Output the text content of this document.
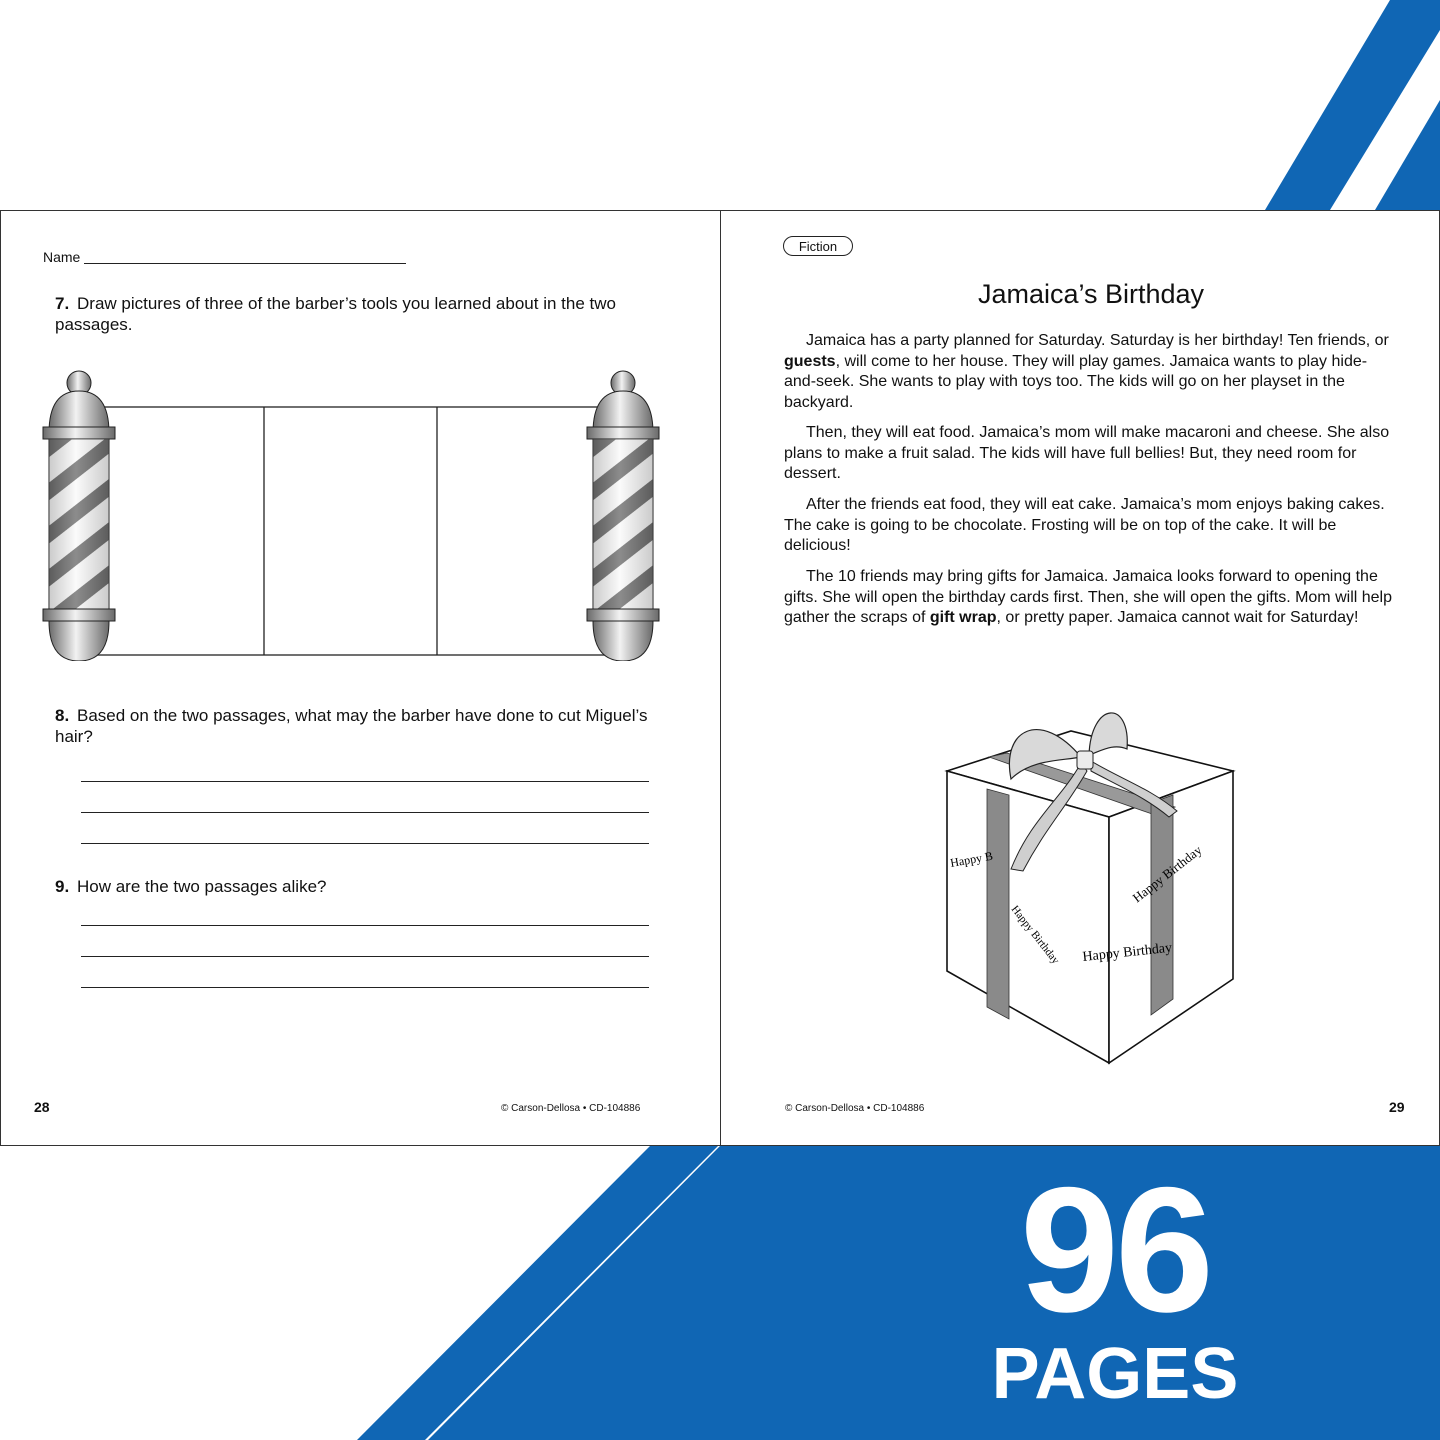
Name
7. Draw pictures of three of the barber’s tools you learned about in the two passages.
8. Based on the two passages, what may the barber have done to cut Miguel’s hair?
9. How are the two passages alike?
28	© Carson-Dellosa • CD-104886
Fiction
Jamaica’s Birthday

Jamaica has a party planned for Saturday. Saturday is her birthday! Ten friends, or guests, will come to her house. They will play games. Jamaica wants to play hide-and-seek. She wants to play with toys too. The kids will go on her playset in the backyard.

Then, they will eat food. Jamaica’s mom will make macaroni and cheese. She also plans to make a fruit salad. The kids will have full bellies! But, they need room for dessert.

After the friends eat food, they will eat cake. Jamaica’s mom enjoys baking cakes. The cake is going to be chocolate. Frosting will be on top of the cake. It will be delicious!

The 10 friends may bring gifts for Jamaica. Jamaica looks forward to opening the gifts. She will open the birthday cards first. Then, she will open the gifts. Mom will help gather the scraps of gift wrap, or pretty paper. Jamaica cannot wait for Saturday!

Happy B	Happy Birthday
Happy Birthday Happy Birthday
© Carson-Dellosa • CD-104886	29
96
PAGES
